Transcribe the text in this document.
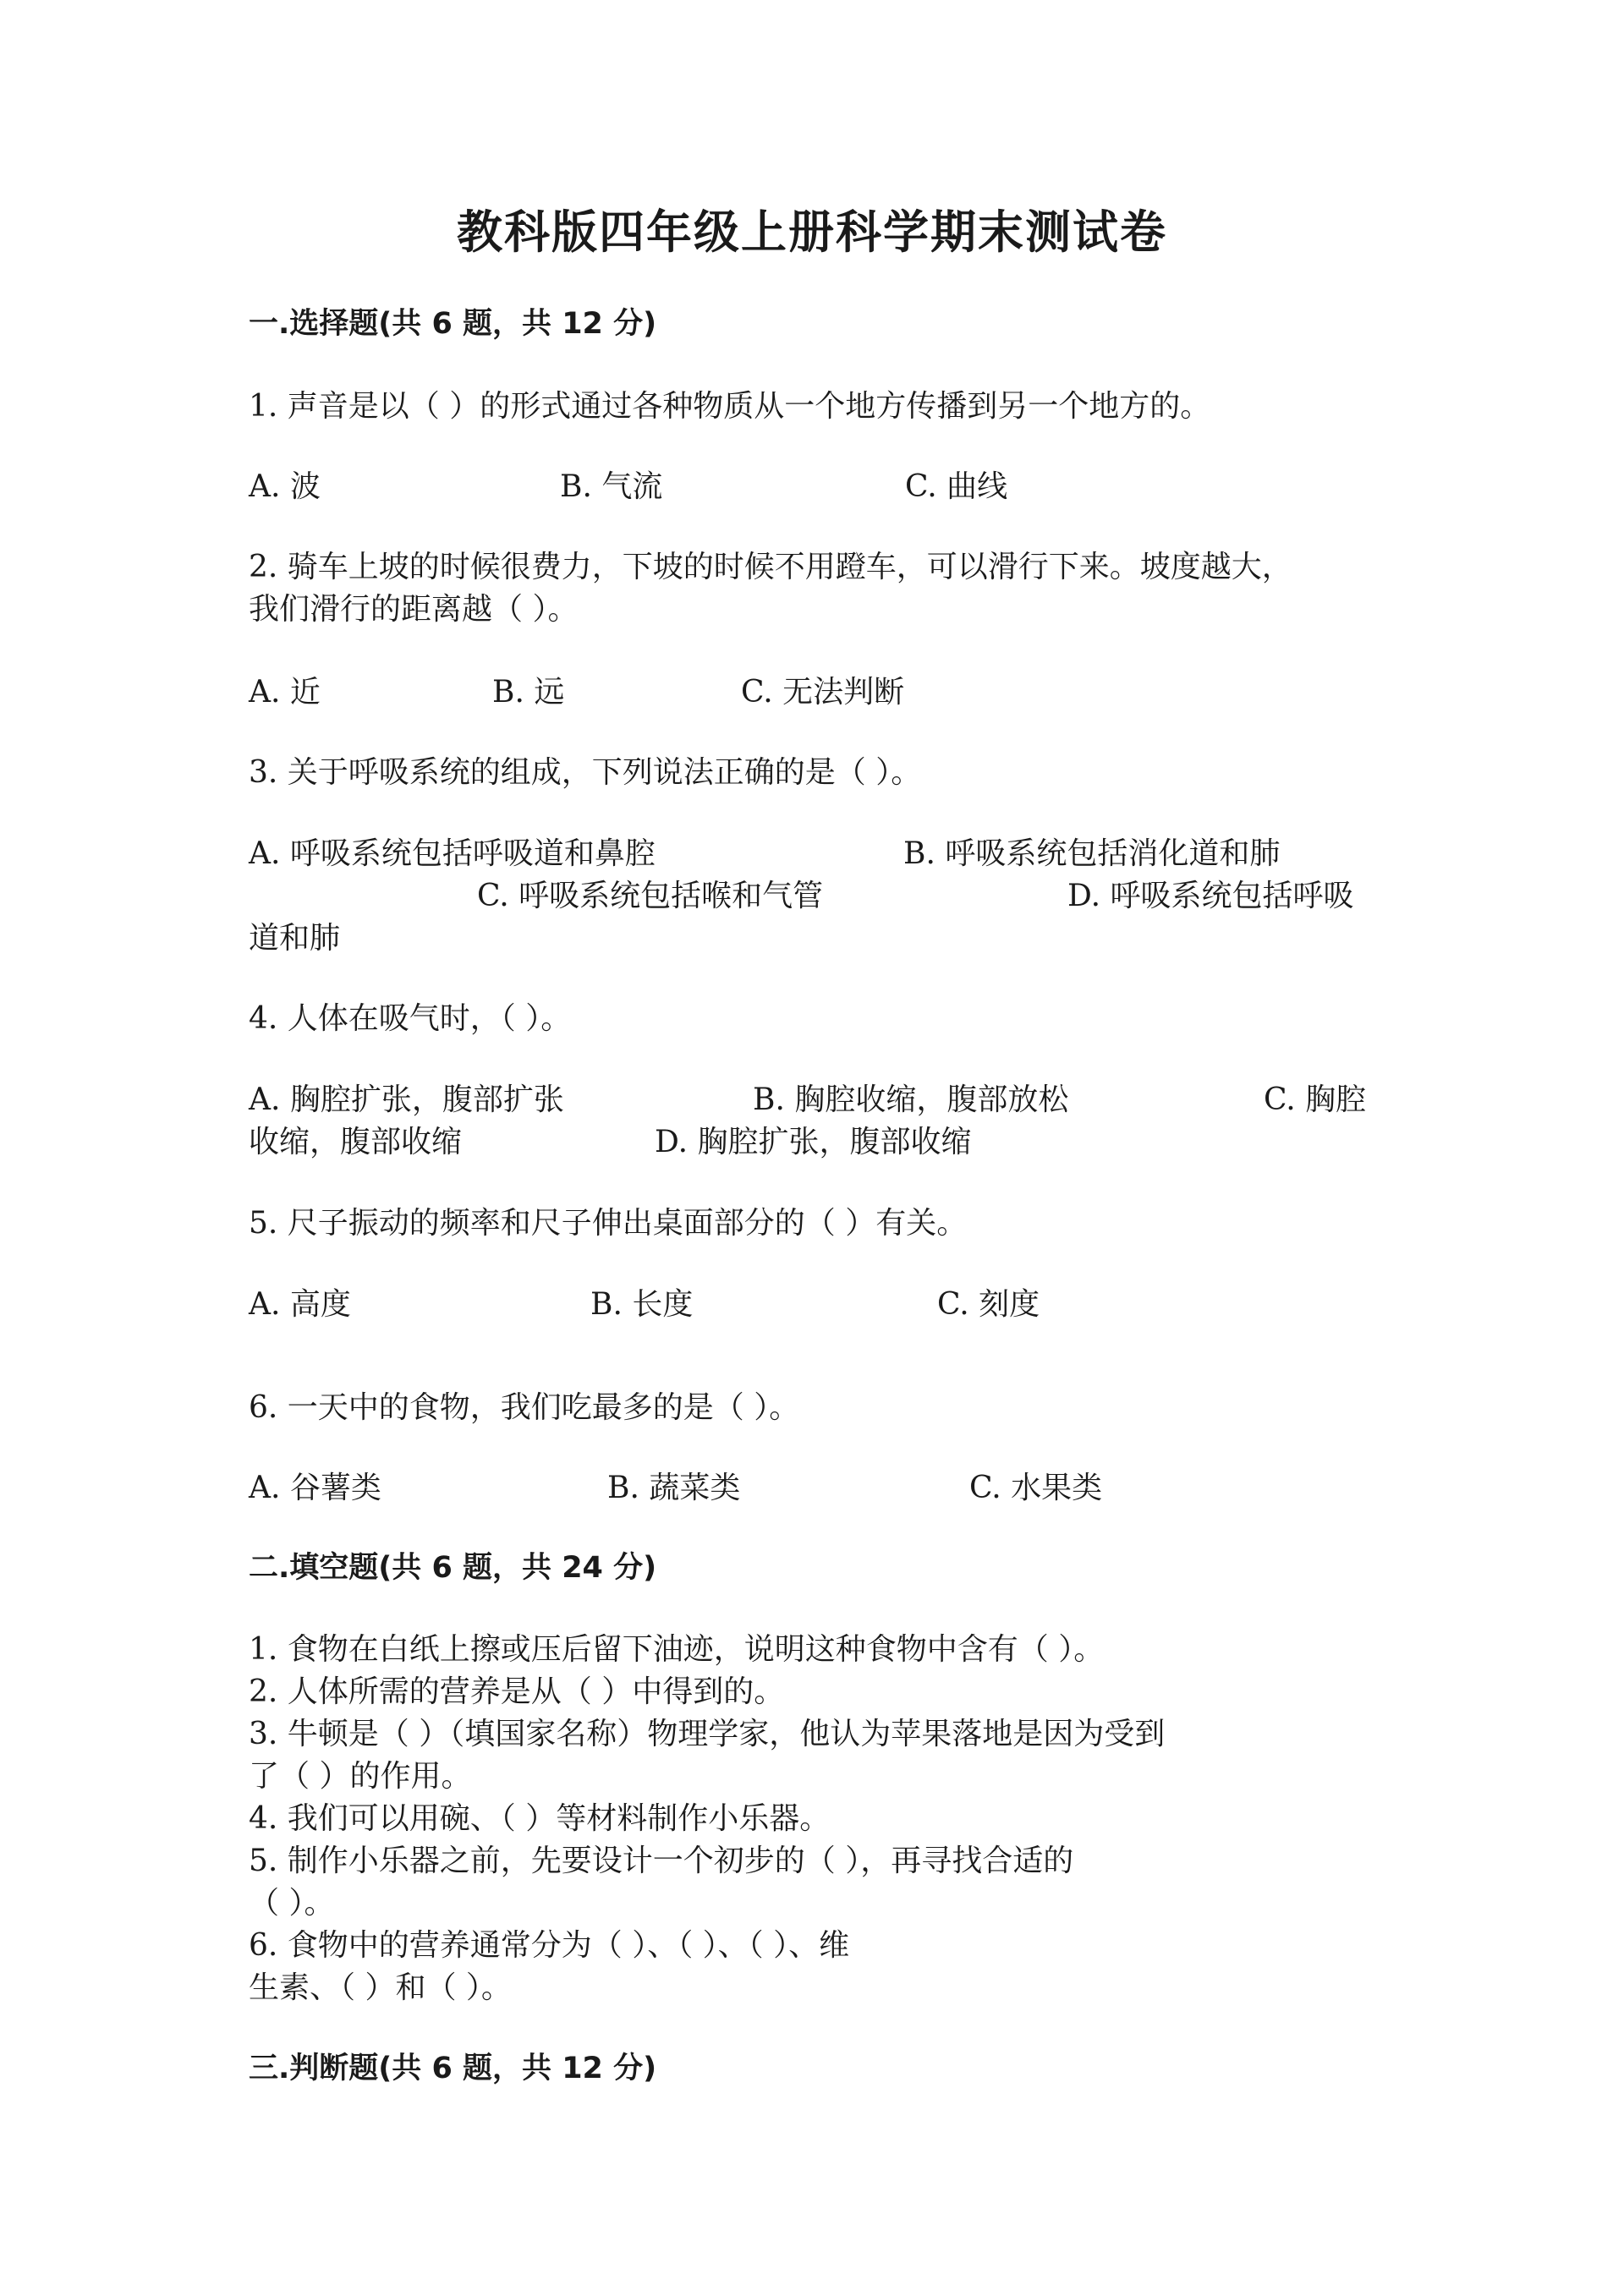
教科版四年级上册科学期末测试卷
一.选择题(共 6 题，共 12 分)
1. 声音是以（ ）的形式通过各种物质从一个地方传播到另一个地方的。
A. 波	B. 气流	C. 曲线
2. 骑车上坡的时候很费力，下坡的时候不用蹬车，可以滑行下来。坡度越大，
我们滑行的距离越（ ）。
A. 近	B. 远	C. 无法判断
3. 关于呼吸系统的组成，下列说法正确的是（ ）。
A. 呼吸系统包括呼吸道和鼻腔	B. 呼吸系统包括消化道和肺
C. 呼吸系统包括喉和气管	D. 呼吸系统包括呼吸
道和肺
4. 人体在吸气时，（ ）。
A. 胸腔扩张，腹部扩张	B. 胸腔收缩，腹部放松	C. 胸腔
收缩，腹部收缩	D. 胸腔扩张，腹部收缩
5. 尺子振动的频率和尺子伸出桌面部分的（ ）有关。
A. 高度	B. 长度	C. 刻度
6. 一天中的食物，我们吃最多的是（ ）。
A. 谷薯类	B. 蔬菜类	C. 水果类
二.填空题(共 6 题，共 24 分)
1. 食物在白纸上擦或压后留下油迹，说明这种食物中含有（ ）。
2. 人体所需的营养是从（ ）中得到的。
3. 牛顿是（ ）（填国家名称）物理学家，他认为苹果落地是因为受到
了（ ）的作用。
4. 我们可以用碗、（ ）等材料制作小乐器。
5. 制作小乐器之前，先要设计一个初步的（ ），再寻找合适的
（ ）。
6. 食物中的营养通常分为（ ）、（ ）、（ ）、维
生素、（ ）和（ ）。
三.判断题(共 6 题，共 12 分)
